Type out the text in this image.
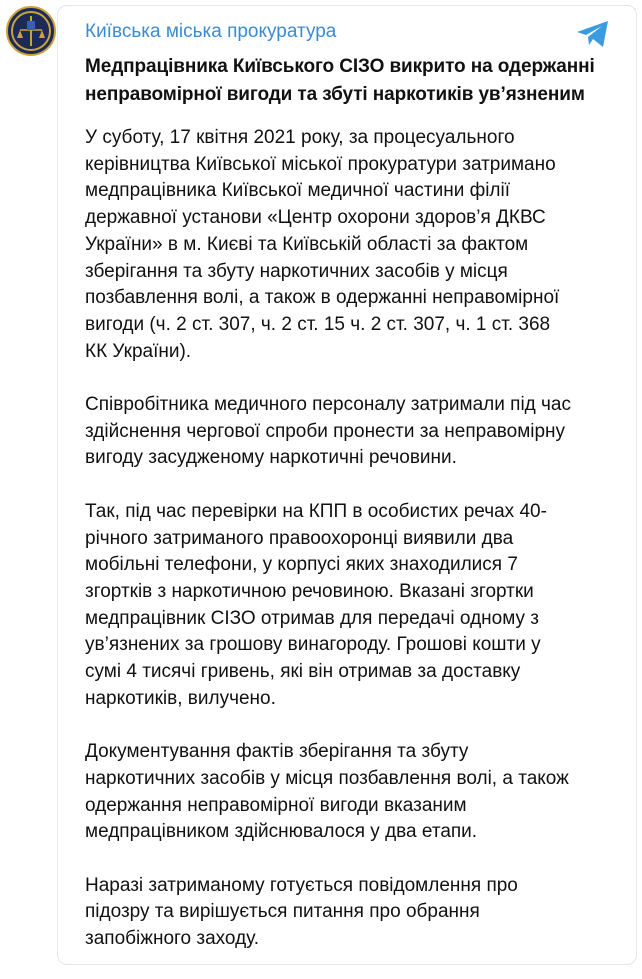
Київська міська прокуратура
Медпрацівника Київського СІЗО викрито на одержанні
неправомірної вигоди та збуті наркотиків ув’язненим
У суботу, 17 квітня 2021 року, за процесуального
керівництва Київської міської прокуратури затримано
медпрацівника Київської медичної частини філії
державної установи «Центр охорони здоров’я ДКВС
України» в м. Києві та Київській області за фактом
зберігання та збуту наркотичних засобів у місця
позбавлення волі, а також в одержанні неправомірної
вигоди (ч. 2 ст. 307, ч. 2 ст. 15 ч. 2 ст. 307, ч. 1 ст. 368
КК України).
Співробітника медичного персоналу затримали під час
здійснення чергової спроби пронести за неправомірну
вигоду засудженому наркотичні речовини.
Так, під час перевірки на КПП в особистих речах 40-
річного затриманого правоохоронці виявили два
мобільні телефони, у корпусі яких знаходилися 7
згортків з наркотичною речовиною. Вказані згортки
медпрацівник СІЗО отримав для передачі одному з
ув’язнених за грошову винагороду. Грошові кошти у
сумі 4 тисячі гривень, які він отримав за доставку
наркотиків, вилучено.
Документування фактів зберігання та збуту
наркотичних засобів у місця позбавлення волі, а також
одержання неправомірної вигоди вказаним
медпрацівником здійснювалося у два етапи.
Наразі затриманому готується повідомлення про
підозру та вирішується питання про обрання
запобіжного заходу.
